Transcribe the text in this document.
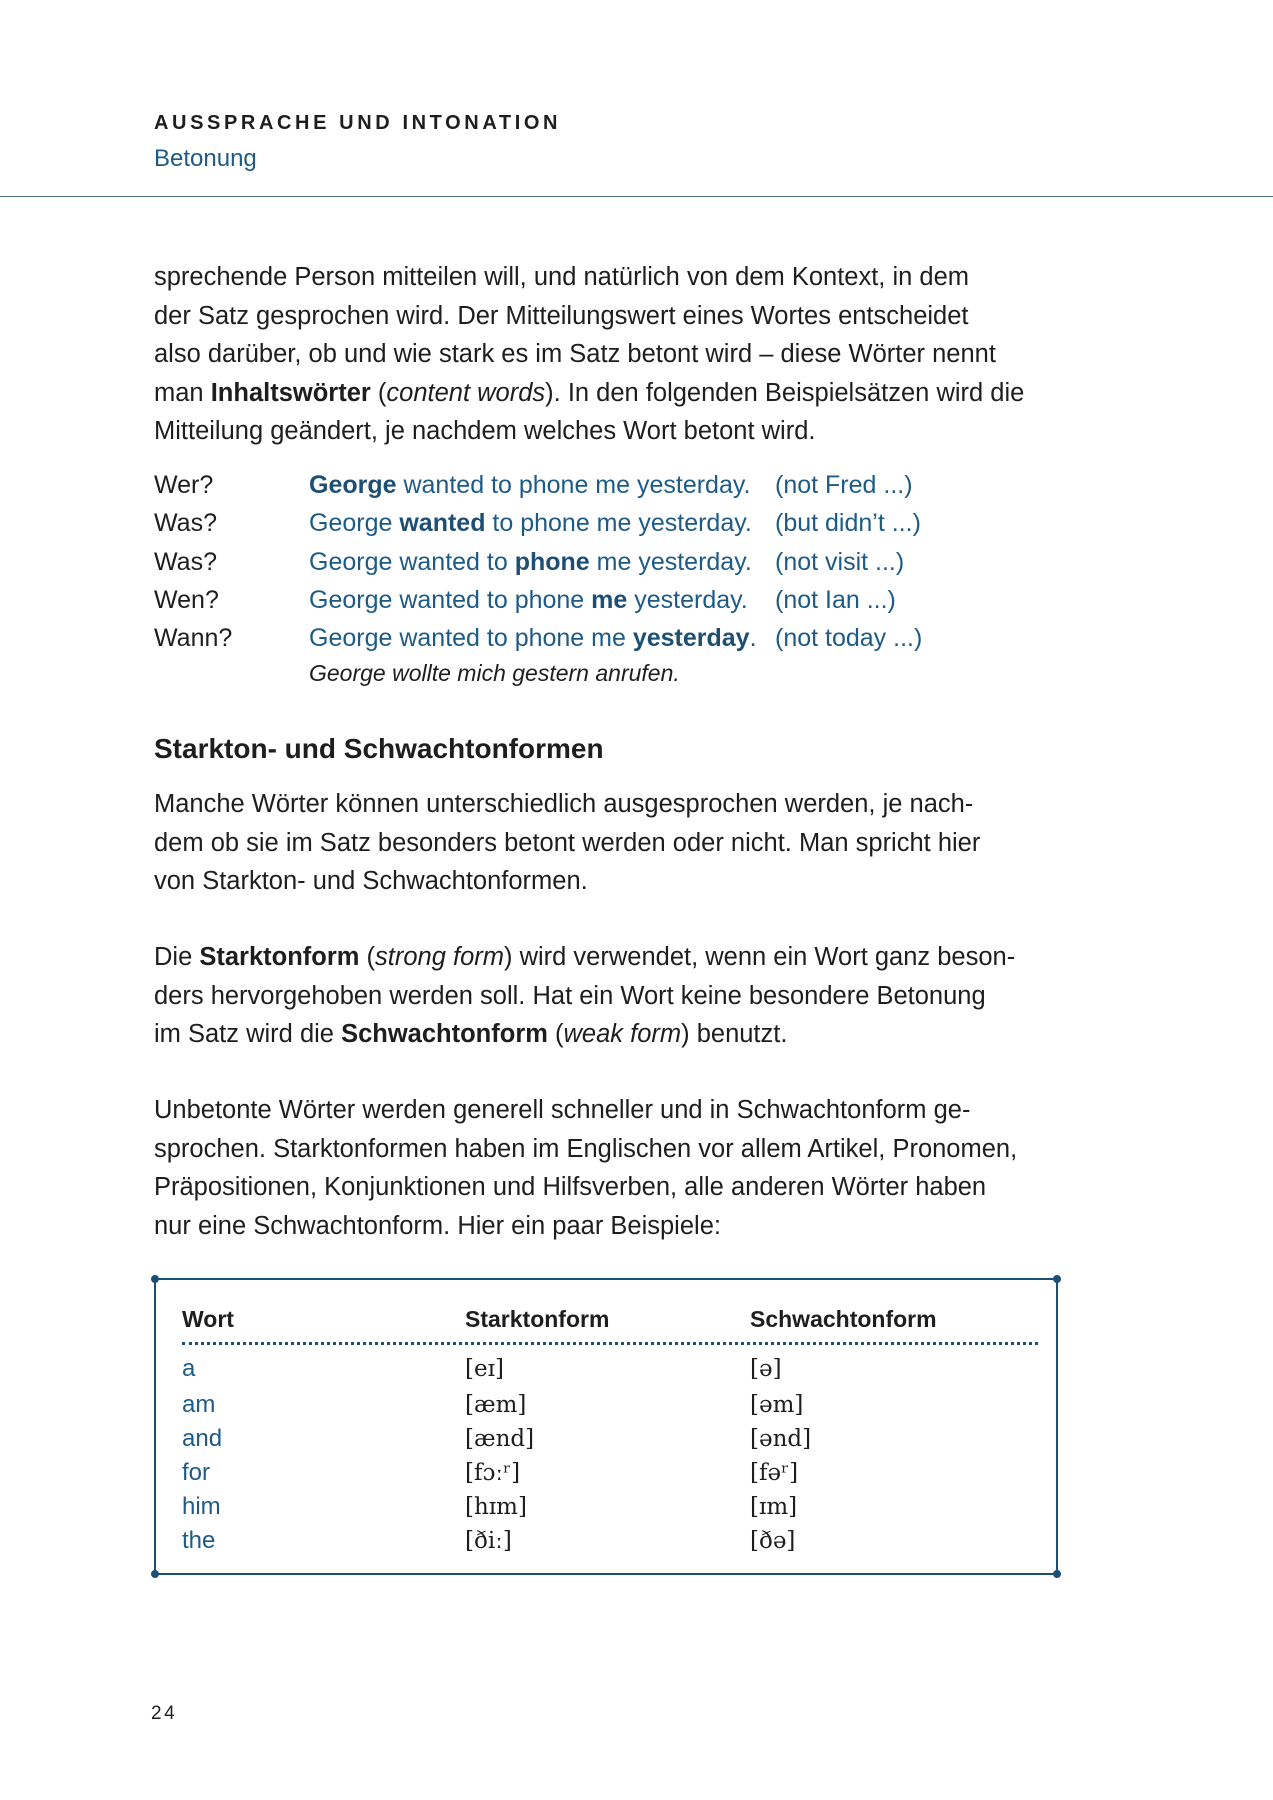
AUSSPRACHE UND INTONATION
Betonung
sprechende Person mitteilen will, und natürlich von dem Kontext, in dem
der Satz gesprochen wird. Der Mitteilungswert eines Wortes entscheidet
also darüber, ob und wie stark es im Satz betont wird – diese Wörter nennt
man Inhaltswörter (content words). In den folgenden Beispielsätzen wird die
Mitteilung geändert, je nachdem welches Wort betont wird.
Wer?	George wanted to phone me yesterday. (not Fred ...)
Was?	George wanted to phone me yesterday. (but didn’t ...)
Was?	George wanted to phone me yesterday. (not visit ...)
Wen?	George wanted to phone me yesterday. (not Ian ...)
Wann?	George wanted to phone me yesterday. (not today ...)
George wollte mich gestern anrufen.
Starkton- und Schwachtonformen
Manche Wörter können unterschiedlich ausgesprochen werden, je nach-
dem ob sie im Satz besonders betont werden oder nicht. Man spricht hier
von Starkton- und Schwachtonformen.
Die Starktonform (strong form) wird verwendet, wenn ein Wort ganz beson-
ders hervorgehoben werden soll. Hat ein Wort keine besondere Betonung
im Satz wird die Schwachtonform (weak form) benutzt.
Unbetonte Wörter werden generell schneller und in Schwachtonform ge-
sprochen. Starktonformen haben im Englischen vor allem Artikel, Pronomen,
Präpositionen, Konjunktionen und Hilfsverben, alle anderen Wörter haben
nur eine Schwachtonform. Hier ein paar Beispiele:
Wort	Starktonform	Schwachtonform
a	[eɪ]	[ə]
am	[æm]	[əm]
and	[ænd]	[ənd]
for	[fɔːʳ]	[fəʳ]
him	[hɪm]	[ɪm]
the	[ðiː]	[ðə]
24
